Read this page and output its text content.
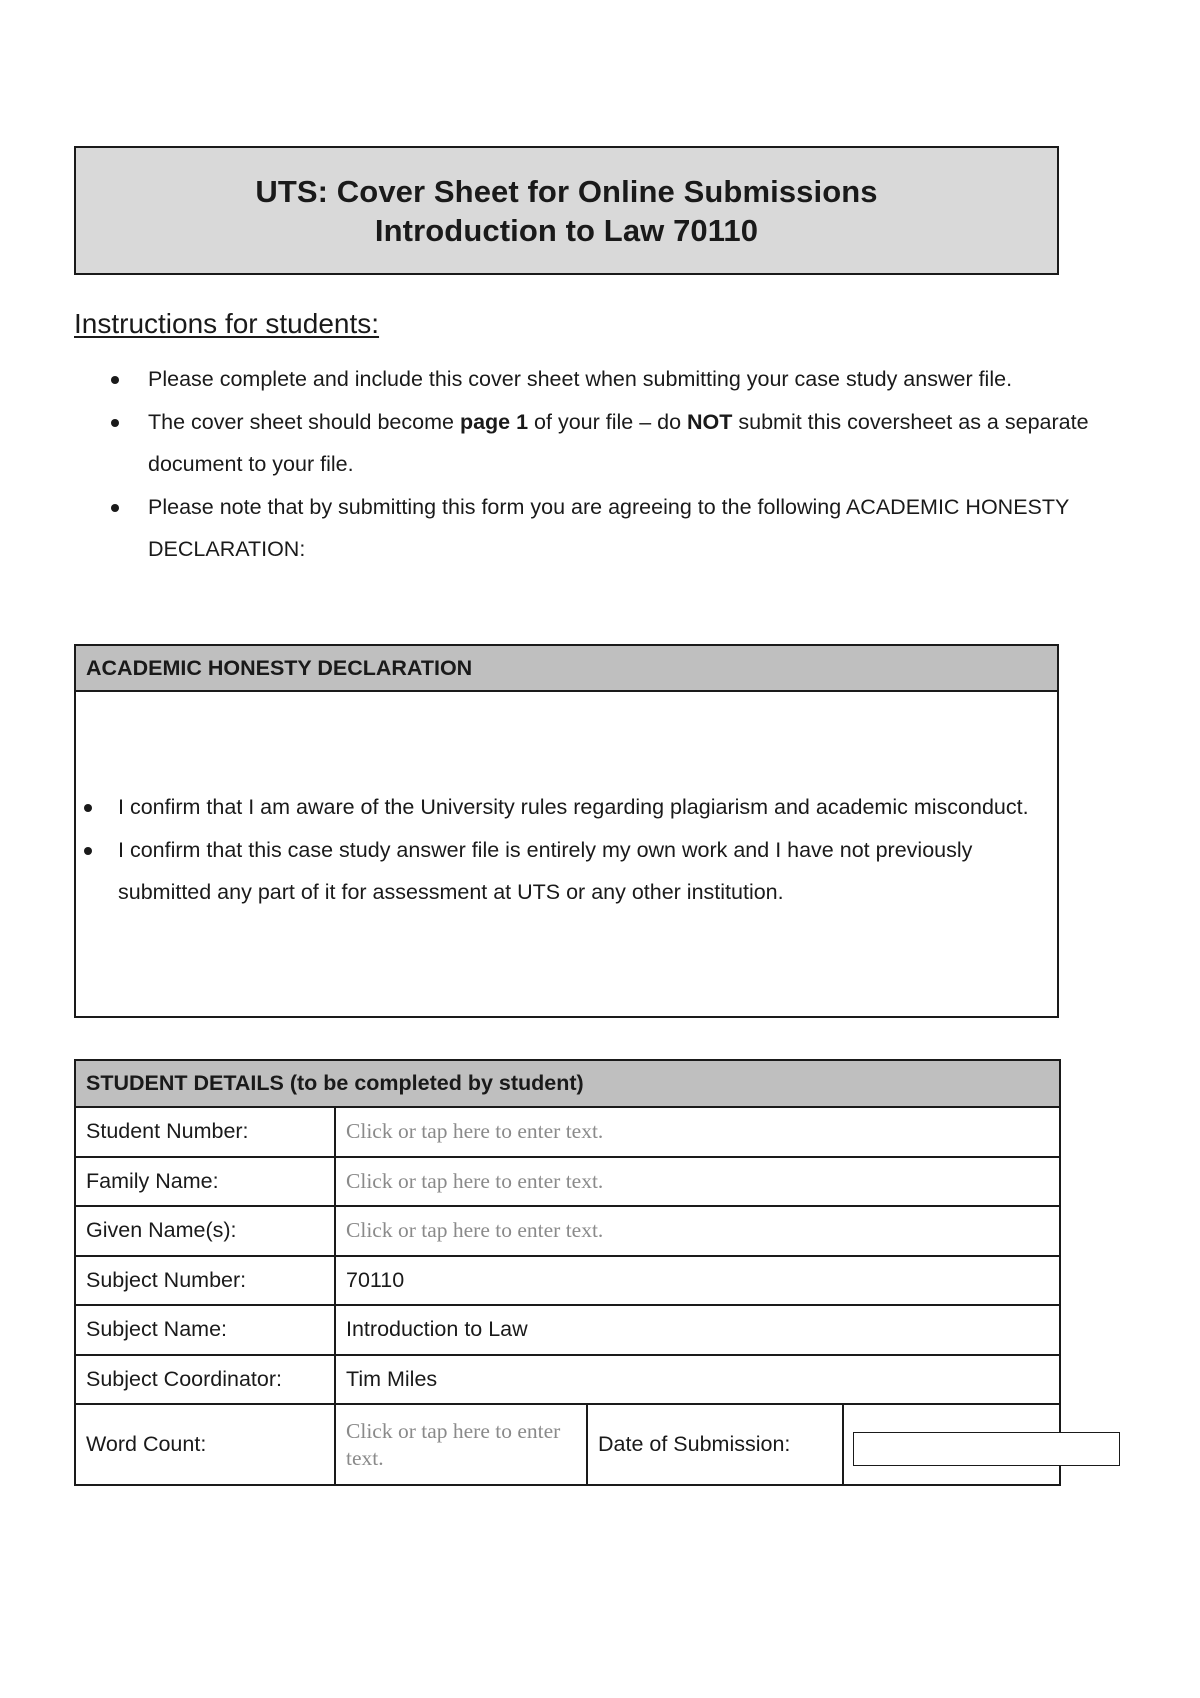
UTS: Cover Sheet for Online Submissions
Introduction to Law 70110
Instructions for students:
Please complete and include this cover sheet when submitting your case study answer file.
The cover sheet should become page 1 of your file – do NOT submit this coversheet as a separate document to your file.
Please note that by submitting this form you are agreeing to the following ACADEMIC HONESTY DECLARATION:
ACADEMIC HONESTY DECLARATION
I confirm that I am aware of the University rules regarding plagiarism and academic misconduct.
I confirm that this case study answer file is entirely my own work and I have not previously submitted any part of it for assessment at UTS or any other institution.
STUDENT DETAILS (to be completed by student)			
Student Number:	Click or tap here to enter text.		
Family Name:	Click or tap here to enter text.		
Given Name(s):	Click or tap here to enter text.		
Subject Number:	70110		
Subject Name:	Introduction to Law		
Subject Coordinator:	Tim Miles		
Word Count:	Click or tap here to enter text.	Date of Submission:	
